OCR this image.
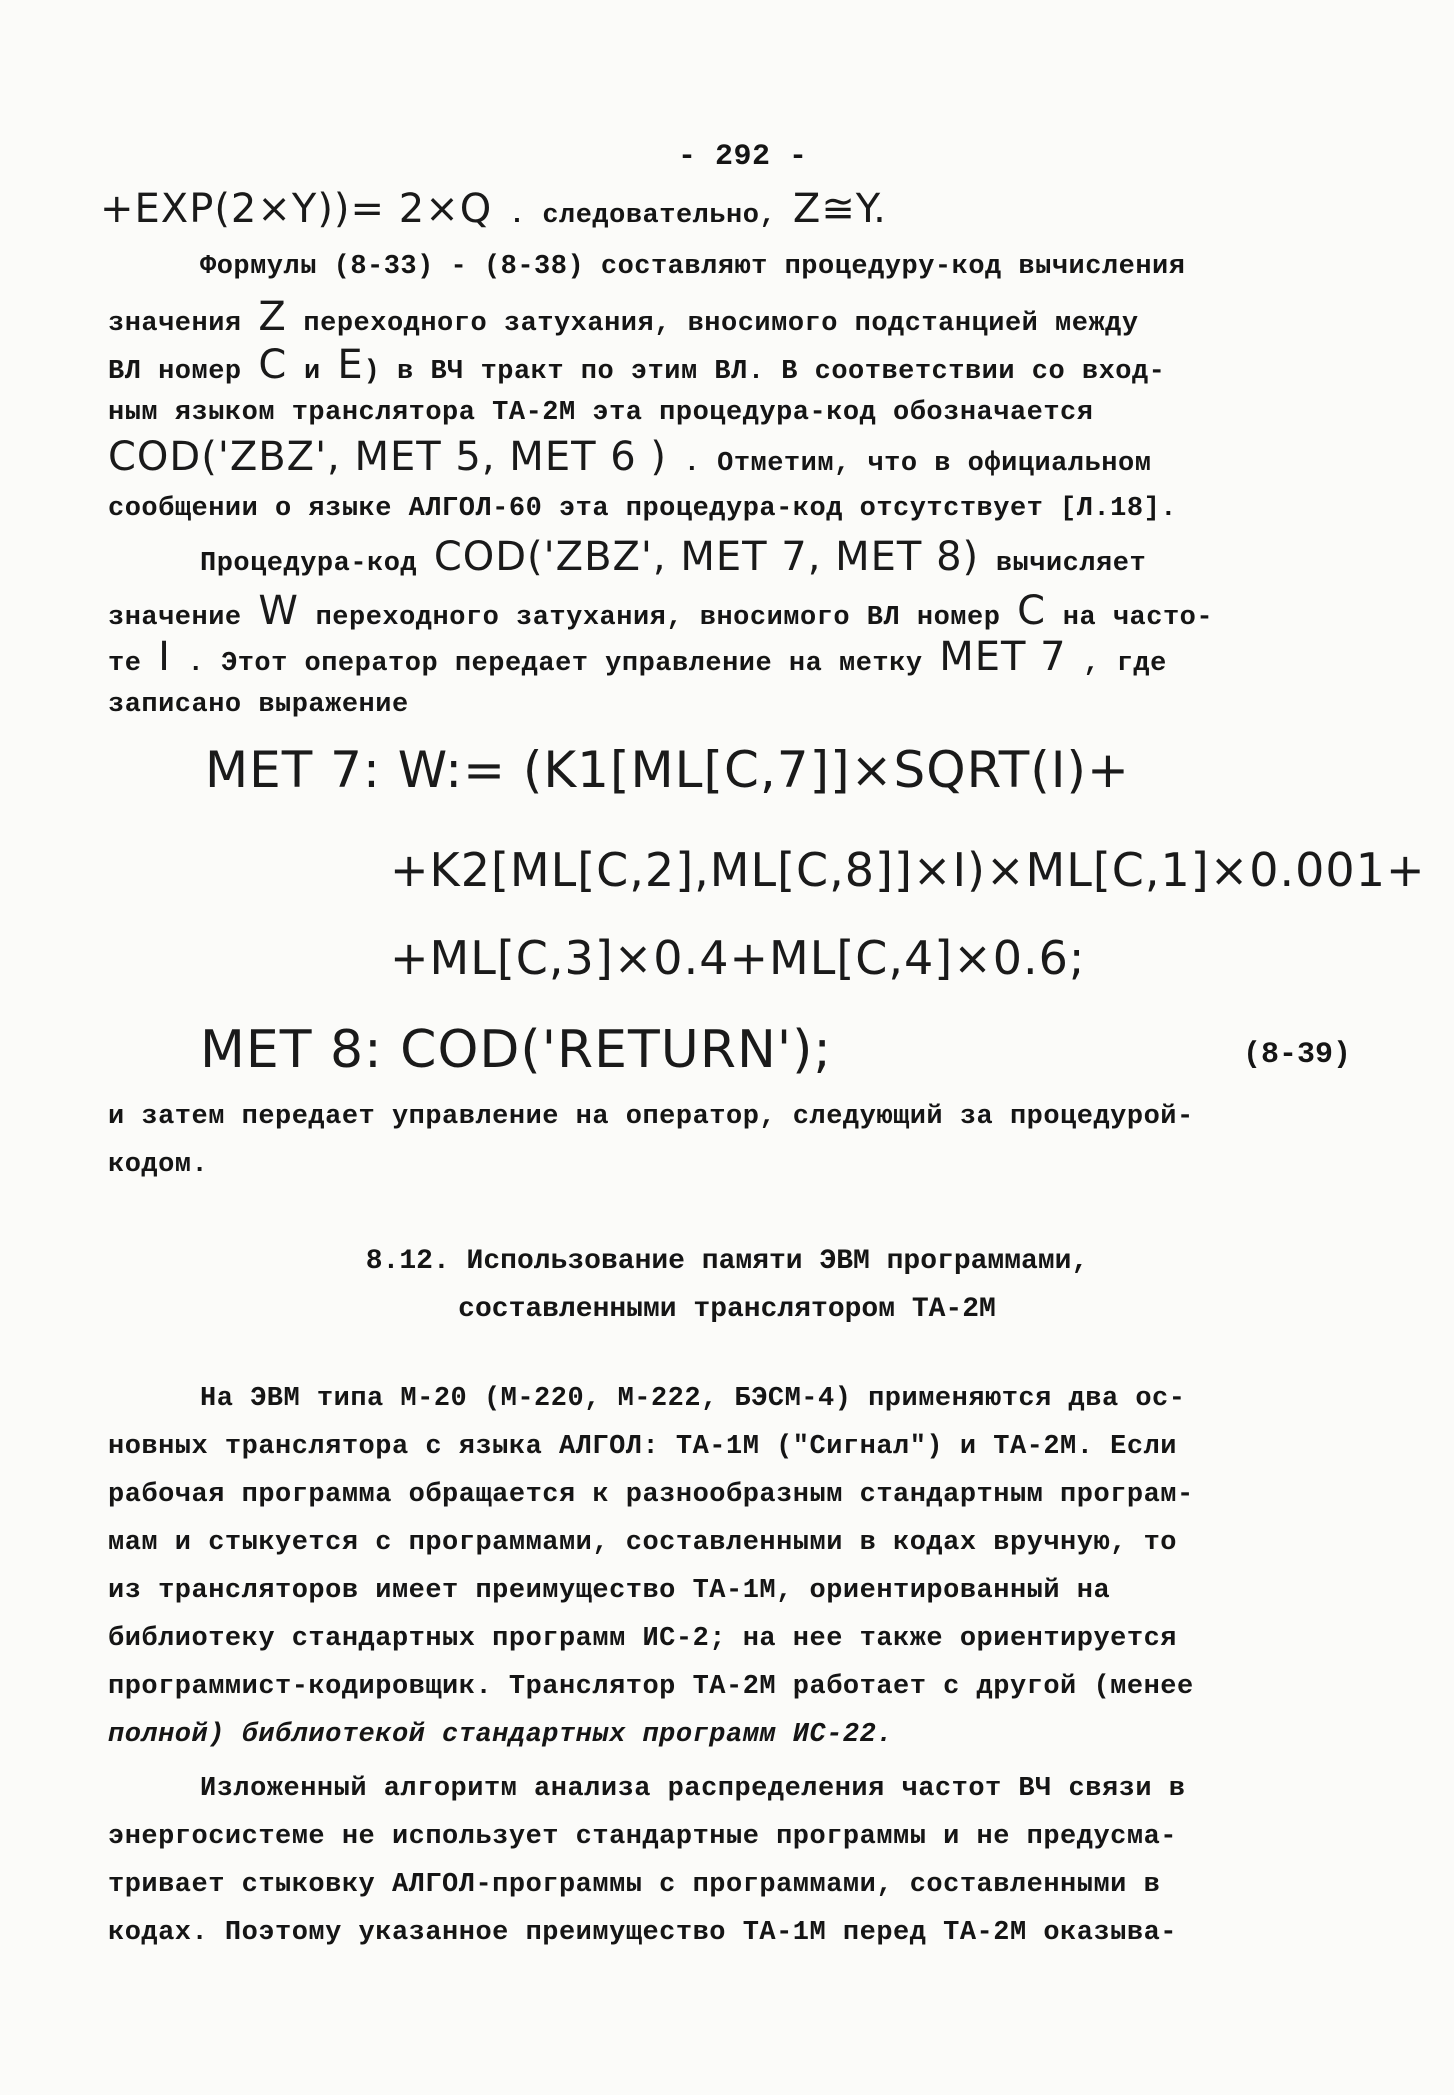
- 292 -
+EXP(2×Y))= 2×Q . следовательно, Z≅Y.
Формулы (8-33) - (8-38) составляют процедуру-код вычисления
значения Z переходного затухания, вносимого подстанцией между
ВЛ номер C и E) в ВЧ тракт по этим ВЛ. В соответствии со вход-
ным языком транслятора ТА-2М эта процедура-код обозначается
COD('ZBZ', MET 5, MET 6 ) . Отметим, что в официальном
сообщении о языке АЛГОЛ-60 эта процедура-код отсутствует [Л.18].
Процедура-код COD('ZBZ', MET 7, MET 8) вычисляет
значение W переходного затухания, вносимого ВЛ номер C на часто-
те I . Этот оператор передает управление на метку MET 7 , где
записано выражение
MET 7: W:= (K1[ML[C,7]]×SQRT(I)+
+K2[ML[C,2],ML[C,8]]×I)×ML[C,1]×0.001+
+ML[C,3]×0.4+ML[C,4]×0.6;
MET 8: COD('RETURN');	(8-39)
и затем передает управление на оператор, следующий за процедурой-
кодом.
8.12. Использование памяти ЭВМ программами,
составленными транслятором ТА-2М
На ЭВМ типа М-20 (М-220, М-222, БЭСМ-4) применяются два ос-
новных транслятора с языка АЛГОЛ: ТА-1М ("Сигнал") и ТА-2М. Если
рабочая программа обращается к разнообразным стандартным програм-
мам и стыкуется с программами, составленными в кодах вручную, то
из трансляторов имеет преимущество ТА-1М, ориентированный на
библиотеку стандартных программ ИС-2; на нее также ориентируется
программист-кодировщик. Транслятор ТА-2М работает с другой (менее
полной) библиотекой стандартных программ ИС-22.
Изложенный алгоритм анализа распределения частот ВЧ связи в
энергосистеме не использует стандартные программы и не предусма-
тривает стыковку АЛГОЛ-программы с программами, составленными в
кодах. Поэтому указанное преимущество ТА-1М перед ТА-2М оказыва-
